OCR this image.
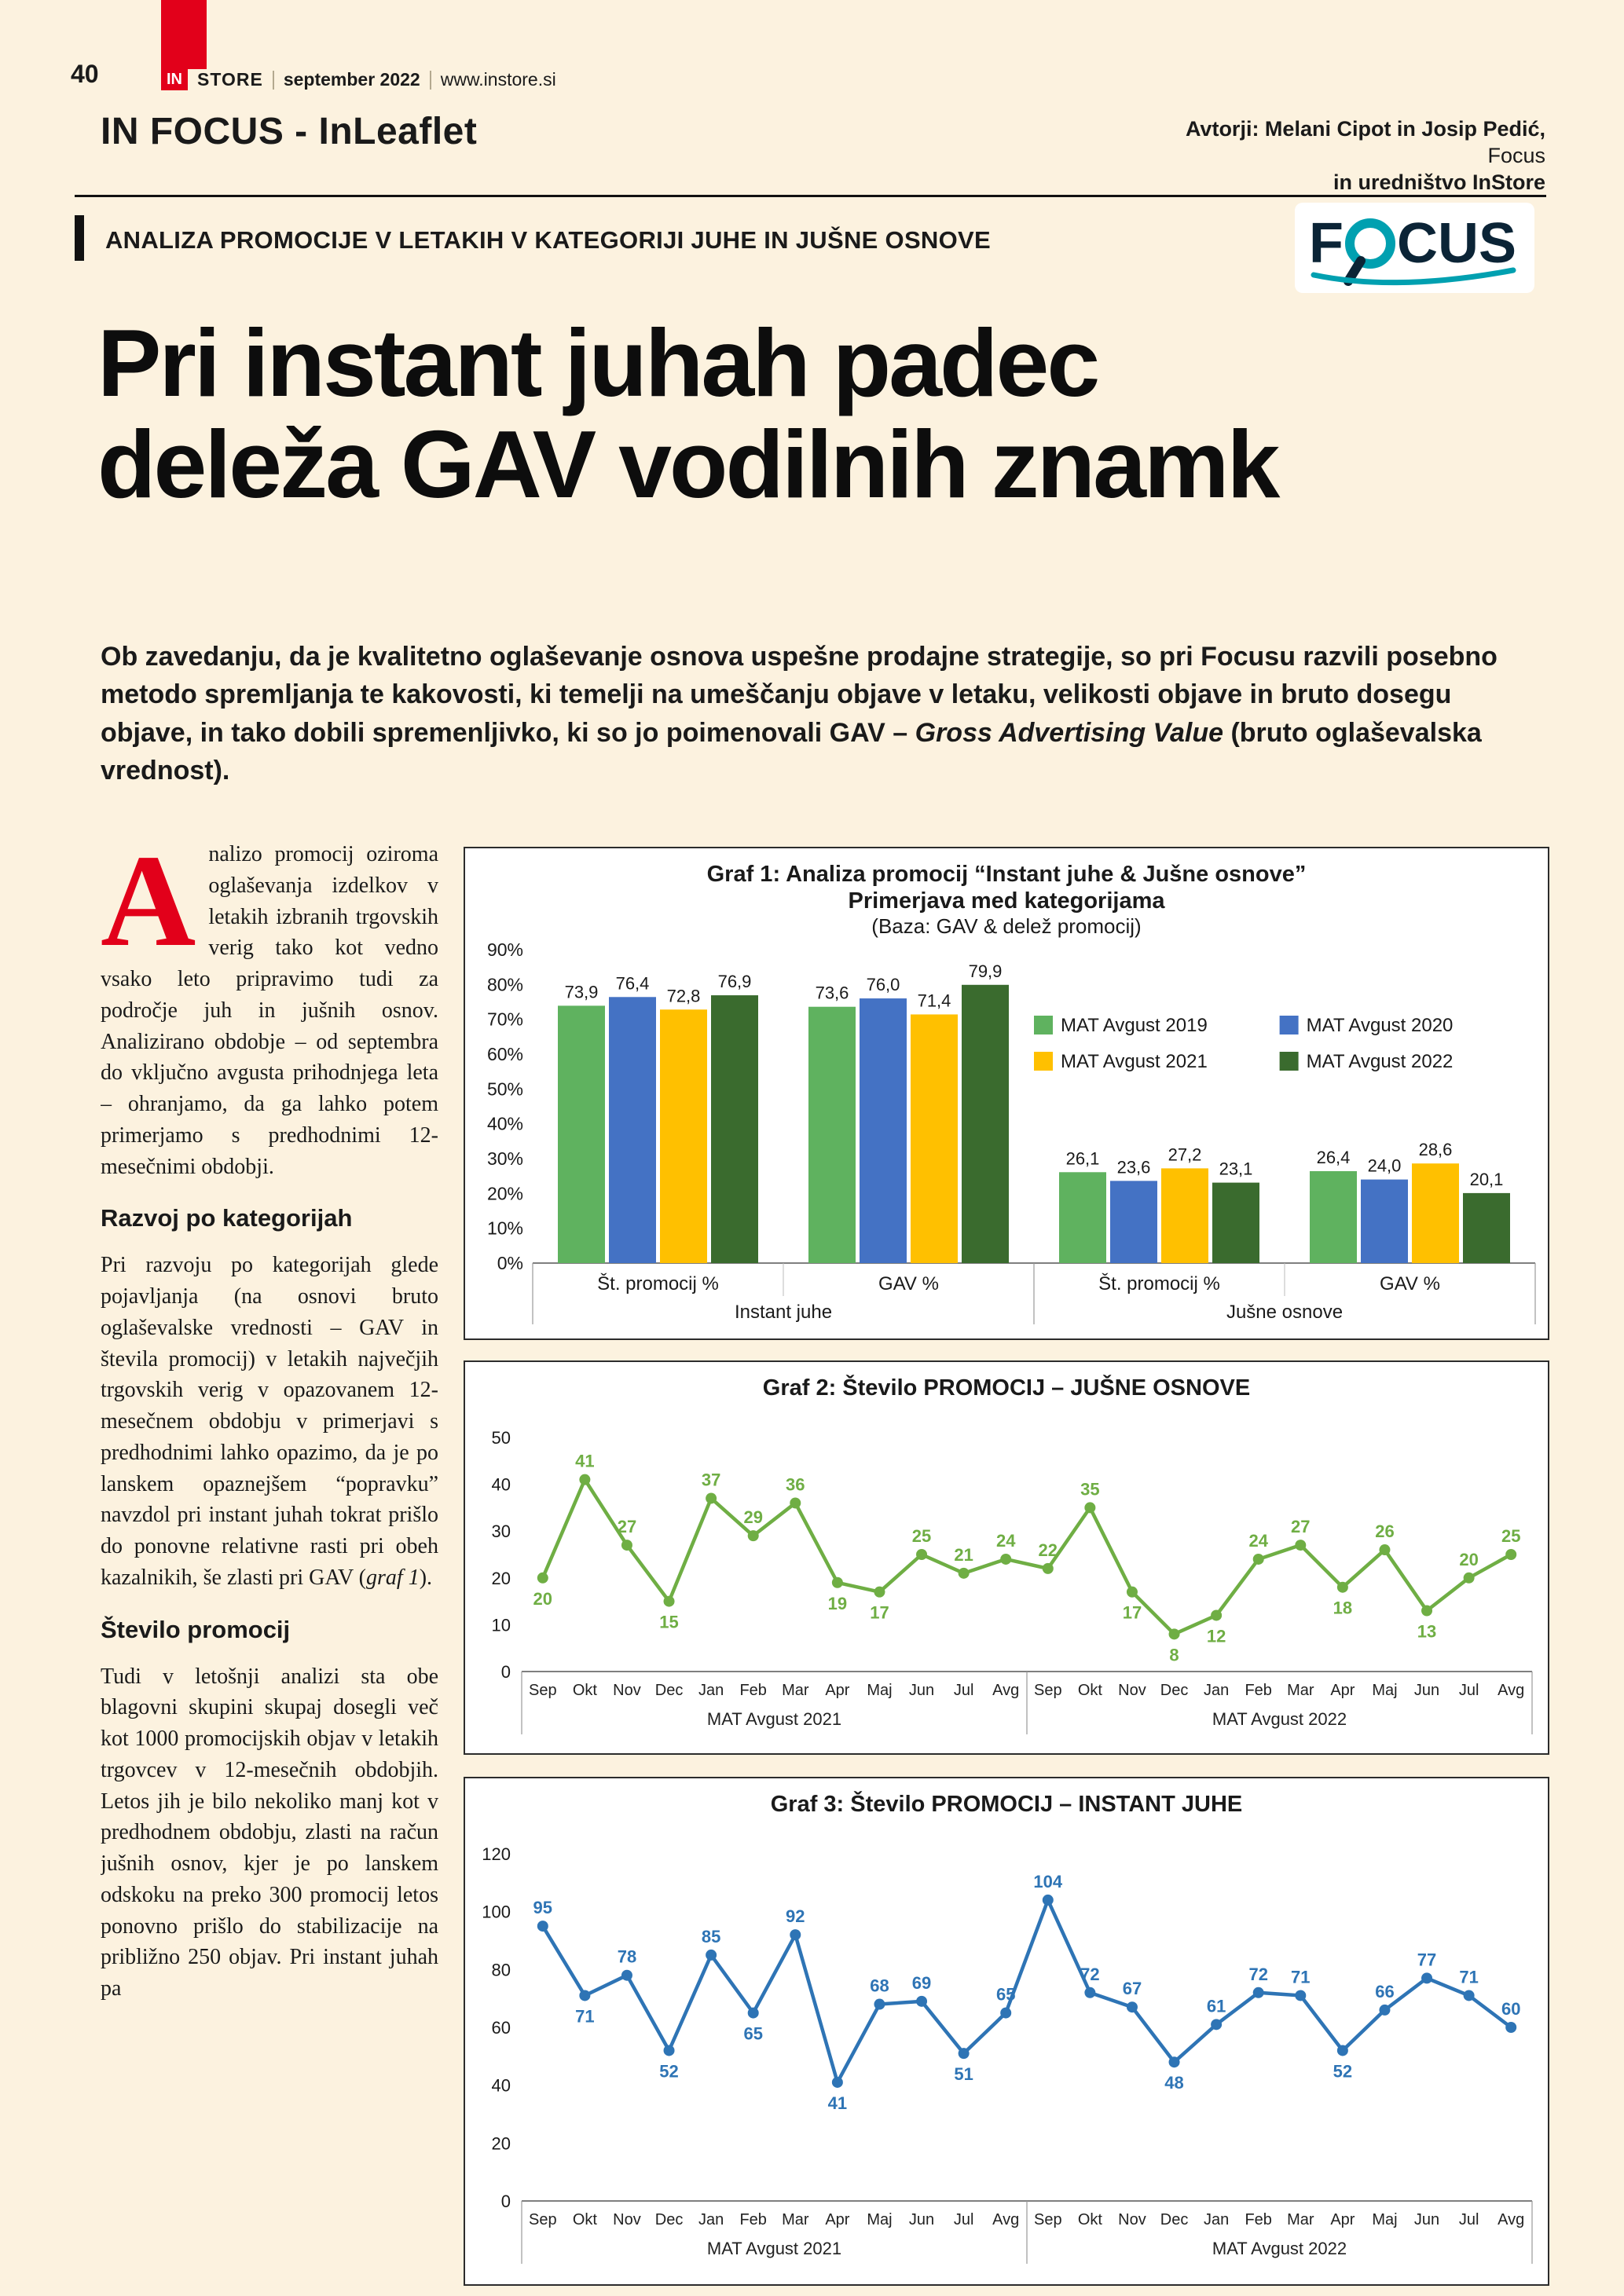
40	IN STORE september 2022 www.instore.si
IN FOCUS - InLeaflet	Avtorji: Melani Cipot in Josip Pedić,
Focus
in uredništvo InStore
ANALIZA PROMOCIJE V LETAKIH V KATEGORIJI JUHE IN JUŠNE OSNOVE	F CUS
Pri instant juhah padec
deleža GAV vodilnih znamk

Ob zavedanju, da je kvalitetno oglaševanje osnova uspešne prodajne strategije, so pri Focusu razvili posebno metodo spremljanja te kakovosti, ki temelji na umeščanju objave v letaku, velikosti objave in bruto dosegu objave, in tako dobili spremenljivko, ki so jo poimenovali GAV – Gross Advertising Value (bruto oglaševalska vrednost).

Analizo promocij oziroma oglaševanja izdelkov v letakih izbranih trgovskih verig tako kot vedno vsako leto pripravimo tudi za področje juh in jušnih osnov. Analizirano obdobje – od septembra do vključno avgusta prihodnjega leta – ohranjamo, da ga lahko potem primerjamo s predhodnimi 12-mesečnimi obdobji.

Razvoj po kategorijah

Pri razvoju po kategorijah glede pojavljanja (na osnovi bruto oglaševalske vrednosti – GAV in števila promocij) v letakih največjih trgovskih verig v opazovanem 12-mesečnem obdobju v primerjavi s predhodnimi lahko opazimo, da je po lanskem opaznejšem “popravku” navzdol pri instant juhah tokrat prišlo do ponovne relativne rasti pri obeh kazalnikih, še zlasti pri GAV (graf 1).

Število promocij

Tudi v letošnji analizi sta obe blagovni skupini skupaj dosegli več kot 1000 promocijskih objav v letakih trgovcev v 12-mesečnih obdobjih. Letos jih je bilo nekoliko manj kot v predhodnem obdobju, zlasti na račun jušnih osnov, kjer je po lanskem odskoku na preko 300 promocij letos ponovno prišlo do stabilizacije na približno 250 objav. Pri instant juhah pa

Graf 1: Analiza promocij “Instant juhe & Jušne osnove”
Primerjava med kategorijama
(Baza: GAV & delež promocij)
0%
10%
20%
30%
40%
50%
60%
70%
80%
90%
73,9 76,4
72,8
76,9
Št. promocij %
73,6 76,0
71,4
79,9
GAV %
26,1 23,6
27,2
23,1
Št. promocij %
26,4 24,0
28,6
20,1
GAV %
Instant juhe	Jušne osnove
MAT Avgust 2019	MAT Avgust 2020
MAT Avgust 2021	MAT Avgust 2022
Graf 2: Število PROMOCIJ – JUŠNE OSNOVE
0
10
20
30
40
50
20
Sep
41
Okt
27
Nov
15
Dec
37
Jan
29
Feb
36
Mar
19
Apr
17
Maj
25
Jun
21
Jul
24
Avg
22
Sep
35
Okt
17
Nov
8
Dec
12
Jan
24
Feb
27
Mar
18
Apr
26
Maj
13
Jun
20
Jul
25
Avg
MAT Avgust 2021	MAT Avgust 2022
Graf 3: Število PROMOCIJ – INSTANT JUHE
0
20
40
60
80
100
120
95
Sep
71
Okt
78
Nov
52
Dec
85
Jan
65
Feb
92
Mar
41
Apr
68
Maj
69
Jun
51
Jul
65
Avg
104
Sep
72
Okt
67
Nov
48
Dec
61
Jan
72
Feb
71
Mar
52
Apr
66
Maj
77
Jun
71
Jul
60
Avg
MAT Avgust 2021	MAT Avgust 2022
